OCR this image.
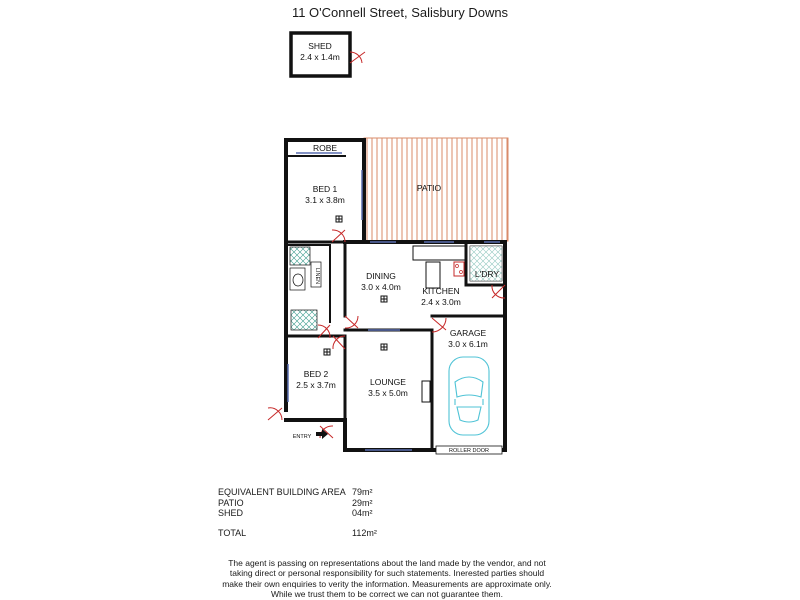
11 O'Connell Street, Salisbury Downs
SHED
2.4 x 1.4m
PATIO
ROBE
BED 1
3.1 x 3.8m
LINEN	DINING
3.0 x 4.0m	KITCHEN
2.4 x 3.0m
L'DRY
GARAGE
3.0 x 6.1m
ROLLER DOOR
BED 2
2.5 x 3.7m	LOUNGE
3.5 x 5.0m
ENTRY
EQUIVALENT BUILDING AREA 79m²
PATIO	29m²
SHED	04m²
TOTAL	112m²
The agent is passing on representations about the land made by the vendor, and not taking direct or personal responsibility for such statements. Inerested parties should make their own enquiries to verity the information. Measurements are approximate only. While we trust them to be correct we can not guarantee them.
